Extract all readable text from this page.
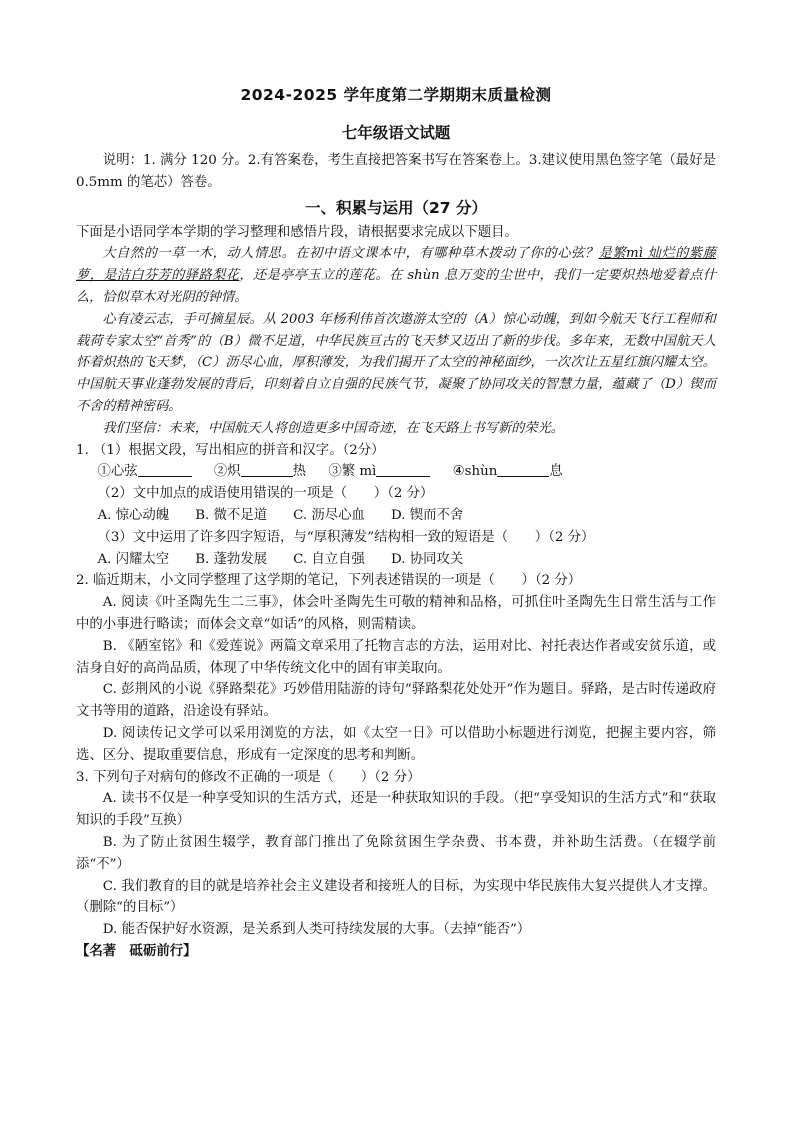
2024-2025 学年度第二学期期末质量检测
七年级语文试题

说明：1. 满分 120 分。2.有答案卷，考生直接把答案书写在答案卷上。3.建议使用黑色签字笔（最好是 0.5mm 的笔芯）答卷。

一、积累与运用（27 分）

下面是小语同学本学期的学习整理和感悟片段，请根据要求完成以下题目。

大自然的一草一木，动人情思。在初中语文课本中，有哪种草木拨动了你的心弦？是繁mì 灿烂的紫藤萝，是洁白芬芳的驿路梨花，还是亭亭玉立的莲花。在 shùn 息万变的尘世中，我们一定要炽热地爱着点什么，恰似草木对光阴的钟情。

心有凌云志，手可摘星辰。从 2003 年杨利伟首次遨游太空的（A）惊心动魄，到如今航天飞行工程师和载荷专家太空“首秀”的（B）微不足道，中华民族亘古的飞天梦又迈出了新的步伐。多年来，无数中国航天人怀着炽热的飞天梦，（C）沥尽心血，厚积薄发，为我们揭开了太空的神秘面纱，一次次让五星红旗闪耀太空。中国航天事业蓬勃发展的背后，印刻着自立自强的民族气节，凝聚了协同攻关的智慧力量，蕴藏了（D）锲而不舍的精神密码。

我们坚信：未来，中国航天人将创造更多中国奇迹，在飞天路上书写新的荣光。

1. （1）根据文段，写出相应的拼音和汉字。（2分）

①心弦	②炽	热 ③繁 mì	④shùn	息

（2）文中加点的成语使用错误的一项是（　　）（2 分）

A. 惊心动魄 B. 微不足道 C. 沥尽心血 D. 锲而不舍

（3）文中运用了许多四字短语，与“厚积薄发”结构相一致的短语是（　　）（2 分）

A. 闪耀太空 B. 蓬勃发展 C. 自立自强 D. 协同攻关

2. 临近期末，小文同学整理了这学期的笔记，下列表述错误的一项是（　　）（2 分）

A. 阅读《叶圣陶先生二三事》，体会叶圣陶先生可敬的精神和品格，可抓住叶圣陶先生日常生活与工作中的小事进行略读；而体会文章“如话”的风格，则需精读。

B. 《陋室铭》和《爱莲说》两篇文章采用了托物言志的方法，运用对比、衬托表达作者或安贫乐道，或洁身自好的高尚品质，体现了中华传统文化中的固有审美取向。

C. 彭荆风的小说《驿路梨花》巧妙借用陆游的诗句“驿路梨花处处开”作为题目。驿路，是古时传递政府文书等用的道路，沿途设有驿站。

D. 阅读传记文学可以采用浏览的方法，如《太空一日》可以借助小标题进行浏览，把握主要内容，筛选、区分、提取重要信息，形成有一定深度的思考和判断。

3. 下列句子对病句的修改不正确的一项是（　　）（2 分）

A. 读书不仅是一种享受知识的生活方式，还是一种获取知识的手段。（把“享受知识的生活方式”和“获取知识的手段”互换）

B. 为了防止贫困生辍学，教育部门推出了免除贫困生学杂费、书本费，并补助生活费。（在辍学前添“不”）

C. 我们教育的目的就是培养社会主义建设者和接班人的目标，为实现中华民族伟大复兴提供人才支撑。（删除“的目标”）

D. 能否保护好水资源，是关系到人类可持续发展的大事。（去掉“能否”）

【名著　砥砺前行】
